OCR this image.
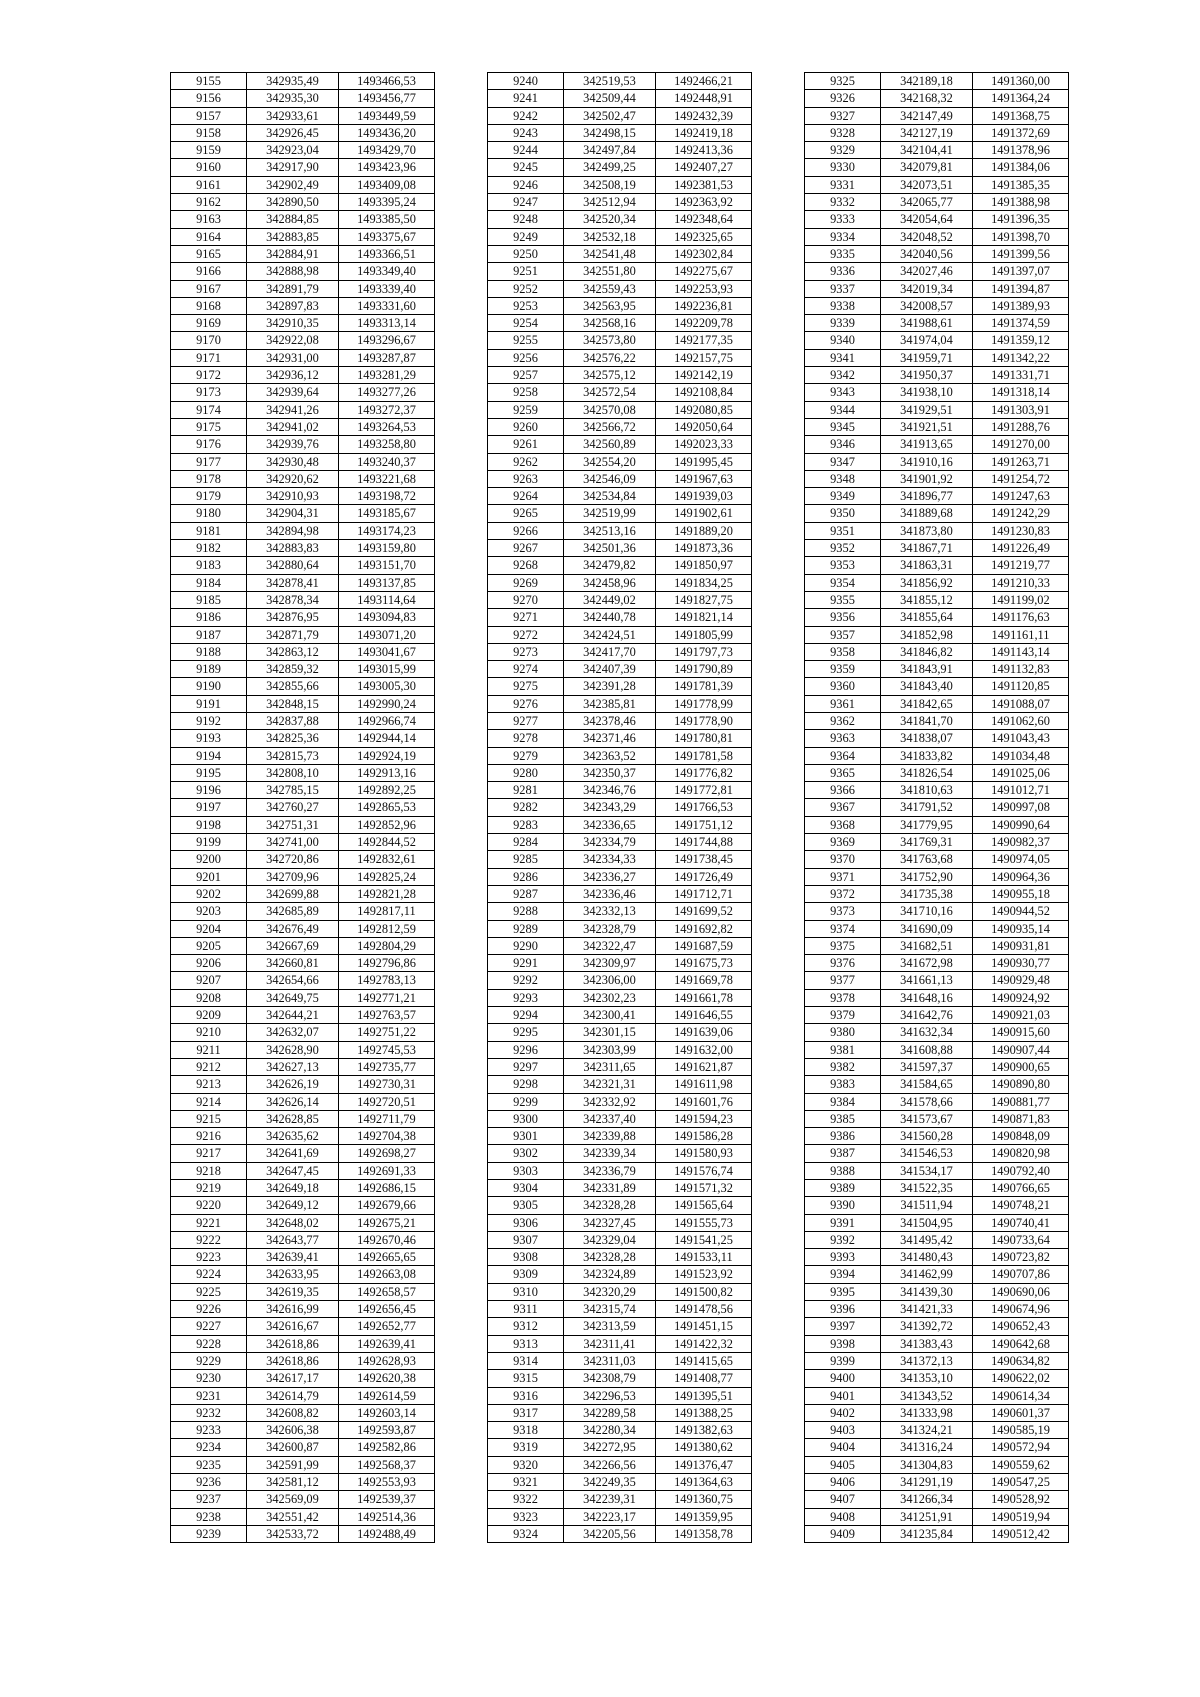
9155	342935,49	1493466,53
9156	342935,30	1493456,77
9157	342933,61	1493449,59
9158	342926,45	1493436,20
9159	342923,04	1493429,70
9160	342917,90	1493423,96
9161	342902,49	1493409,08
9162	342890,50	1493395,24
9163	342884,85	1493385,50
9164	342883,85	1493375,67
9165	342884,91	1493366,51
9166	342888,98	1493349,40
9167	342891,79	1493339,40
9168	342897,83	1493331,60
9169	342910,35	1493313,14
9170	342922,08	1493296,67
9171	342931,00	1493287,87
9172	342936,12	1493281,29
9173	342939,64	1493277,26
9174	342941,26	1493272,37
9175	342941,02	1493264,53
9176	342939,76	1493258,80
9177	342930,48	1493240,37
9178	342920,62	1493221,68
9179	342910,93	1493198,72
9180	342904,31	1493185,67
9181	342894,98	1493174,23
9182	342883,83	1493159,80
9183	342880,64	1493151,70
9184	342878,41	1493137,85
9185	342878,34	1493114,64
9186	342876,95	1493094,83
9187	342871,79	1493071,20
9188	342863,12	1493041,67
9189	342859,32	1493015,99
9190	342855,66	1493005,30
9191	342848,15	1492990,24
9192	342837,88	1492966,74
9193	342825,36	1492944,14
9194	342815,73	1492924,19
9195	342808,10	1492913,16
9196	342785,15	1492892,25
9197	342760,27	1492865,53
9198	342751,31	1492852,96
9199	342741,00	1492844,52
9200	342720,86	1492832,61
9201	342709,96	1492825,24
9202	342699,88	1492821,28
9203	342685,89	1492817,11
9204	342676,49	1492812,59
9205	342667,69	1492804,29
9206	342660,81	1492796,86
9207	342654,66	1492783,13
9208	342649,75	1492771,21
9209	342644,21	1492763,57
9210	342632,07	1492751,22
9211	342628,90	1492745,53
9212	342627,13	1492735,77
9213	342626,19	1492730,31
9214	342626,14	1492720,51
9215	342628,85	1492711,79
9216	342635,62	1492704,38
9217	342641,69	1492698,27
9218	342647,45	1492691,33
9219	342649,18	1492686,15
9220	342649,12	1492679,66
9221	342648,02	1492675,21
9222	342643,77	1492670,46
9223	342639,41	1492665,65
9224	342633,95	1492663,08
9225	342619,35	1492658,57
9226	342616,99	1492656,45
9227	342616,67	1492652,77
9228	342618,86	1492639,41
9229	342618,86	1492628,93
9230	342617,17	1492620,38
9231	342614,79	1492614,59
9232	342608,82	1492603,14
9233	342606,38	1492593,87
9234	342600,87	1492582,86
9235	342591,99	1492568,37
9236	342581,12	1492553,93
9237	342569,09	1492539,37
9238	342551,42	1492514,36
9239	342533,72	1492488,49
9240	342519,53	1492466,21
9241	342509,44	1492448,91
9242	342502,47	1492432,39
9243	342498,15	1492419,18
9244	342497,84	1492413,36
9245	342499,25	1492407,27
9246	342508,19	1492381,53
9247	342512,94	1492363,92
9248	342520,34	1492348,64
9249	342532,18	1492325,65
9250	342541,48	1492302,84
9251	342551,80	1492275,67
9252	342559,43	1492253,93
9253	342563,95	1492236,81
9254	342568,16	1492209,78
9255	342573,80	1492177,35
9256	342576,22	1492157,75
9257	342575,12	1492142,19
9258	342572,54	1492108,84
9259	342570,08	1492080,85
9260	342566,72	1492050,64
9261	342560,89	1492023,33
9262	342554,20	1491995,45
9263	342546,09	1491967,63
9264	342534,84	1491939,03
9265	342519,99	1491902,61
9266	342513,16	1491889,20
9267	342501,36	1491873,36
9268	342479,82	1491850,97
9269	342458,96	1491834,25
9270	342449,02	1491827,75
9271	342440,78	1491821,14
9272	342424,51	1491805,99
9273	342417,70	1491797,73
9274	342407,39	1491790,89
9275	342391,28	1491781,39
9276	342385,81	1491778,99
9277	342378,46	1491778,90
9278	342371,46	1491780,81
9279	342363,52	1491781,58
9280	342350,37	1491776,82
9281	342346,76	1491772,81
9282	342343,29	1491766,53
9283	342336,65	1491751,12
9284	342334,79	1491744,88
9285	342334,33	1491738,45
9286	342336,27	1491726,49
9287	342336,46	1491712,71
9288	342332,13	1491699,52
9289	342328,79	1491692,82
9290	342322,47	1491687,59
9291	342309,97	1491675,73
9292	342306,00	1491669,78
9293	342302,23	1491661,78
9294	342300,41	1491646,55
9295	342301,15	1491639,06
9296	342303,99	1491632,00
9297	342311,65	1491621,87
9298	342321,31	1491611,98
9299	342332,92	1491601,76
9300	342337,40	1491594,23
9301	342339,88	1491586,28
9302	342339,34	1491580,93
9303	342336,79	1491576,74
9304	342331,89	1491571,32
9305	342328,28	1491565,64
9306	342327,45	1491555,73
9307	342329,04	1491541,25
9308	342328,28	1491533,11
9309	342324,89	1491523,92
9310	342320,29	1491500,82
9311	342315,74	1491478,56
9312	342313,59	1491451,15
9313	342311,41	1491422,32
9314	342311,03	1491415,65
9315	342308,79	1491408,77
9316	342296,53	1491395,51
9317	342289,58	1491388,25
9318	342280,34	1491382,63
9319	342272,95	1491380,62
9320	342266,56	1491376,47
9321	342249,35	1491364,63
9322	342239,31	1491360,75
9323	342223,17	1491359,95
9324	342205,56	1491358,78
9325	342189,18	1491360,00
9326	342168,32	1491364,24
9327	342147,49	1491368,75
9328	342127,19	1491372,69
9329	342104,41	1491378,96
9330	342079,81	1491384,06
9331	342073,51	1491385,35
9332	342065,77	1491388,98
9333	342054,64	1491396,35
9334	342048,52	1491398,70
9335	342040,56	1491399,56
9336	342027,46	1491397,07
9337	342019,34	1491394,87
9338	342008,57	1491389,93
9339	341988,61	1491374,59
9340	341974,04	1491359,12
9341	341959,71	1491342,22
9342	341950,37	1491331,71
9343	341938,10	1491318,14
9344	341929,51	1491303,91
9345	341921,51	1491288,76
9346	341913,65	1491270,00
9347	341910,16	1491263,71
9348	341901,92	1491254,72
9349	341896,77	1491247,63
9350	341889,68	1491242,29
9351	341873,80	1491230,83
9352	341867,71	1491226,49
9353	341863,31	1491219,77
9354	341856,92	1491210,33
9355	341855,12	1491199,02
9356	341855,64	1491176,63
9357	341852,98	1491161,11
9358	341846,82	1491143,14
9359	341843,91	1491132,83
9360	341843,40	1491120,85
9361	341842,65	1491088,07
9362	341841,70	1491062,60
9363	341838,07	1491043,43
9364	341833,82	1491034,48
9365	341826,54	1491025,06
9366	341810,63	1491012,71
9367	341791,52	1490997,08
9368	341779,95	1490990,64
9369	341769,31	1490982,37
9370	341763,68	1490974,05
9371	341752,90	1490964,36
9372	341735,38	1490955,18
9373	341710,16	1490944,52
9374	341690,09	1490935,14
9375	341682,51	1490931,81
9376	341672,98	1490930,77
9377	341661,13	1490929,48
9378	341648,16	1490924,92
9379	341642,76	1490921,03
9380	341632,34	1490915,60
9381	341608,88	1490907,44
9382	341597,37	1490900,65
9383	341584,65	1490890,80
9384	341578,66	1490881,77
9385	341573,67	1490871,83
9386	341560,28	1490848,09
9387	341546,53	1490820,98
9388	341534,17	1490792,40
9389	341522,35	1490766,65
9390	341511,94	1490748,21
9391	341504,95	1490740,41
9392	341495,42	1490733,64
9393	341480,43	1490723,82
9394	341462,99	1490707,86
9395	341439,30	1490690,06
9396	341421,33	1490674,96
9397	341392,72	1490652,43
9398	341383,43	1490642,68
9399	341372,13	1490634,82
9400	341353,10	1490622,02
9401	341343,52	1490614,34
9402	341333,98	1490601,37
9403	341324,21	1490585,19
9404	341316,24	1490572,94
9405	341304,83	1490559,62
9406	341291,19	1490547,25
9407	341266,34	1490528,92
9408	341251,91	1490519,94
9409	341235,84	1490512,42
